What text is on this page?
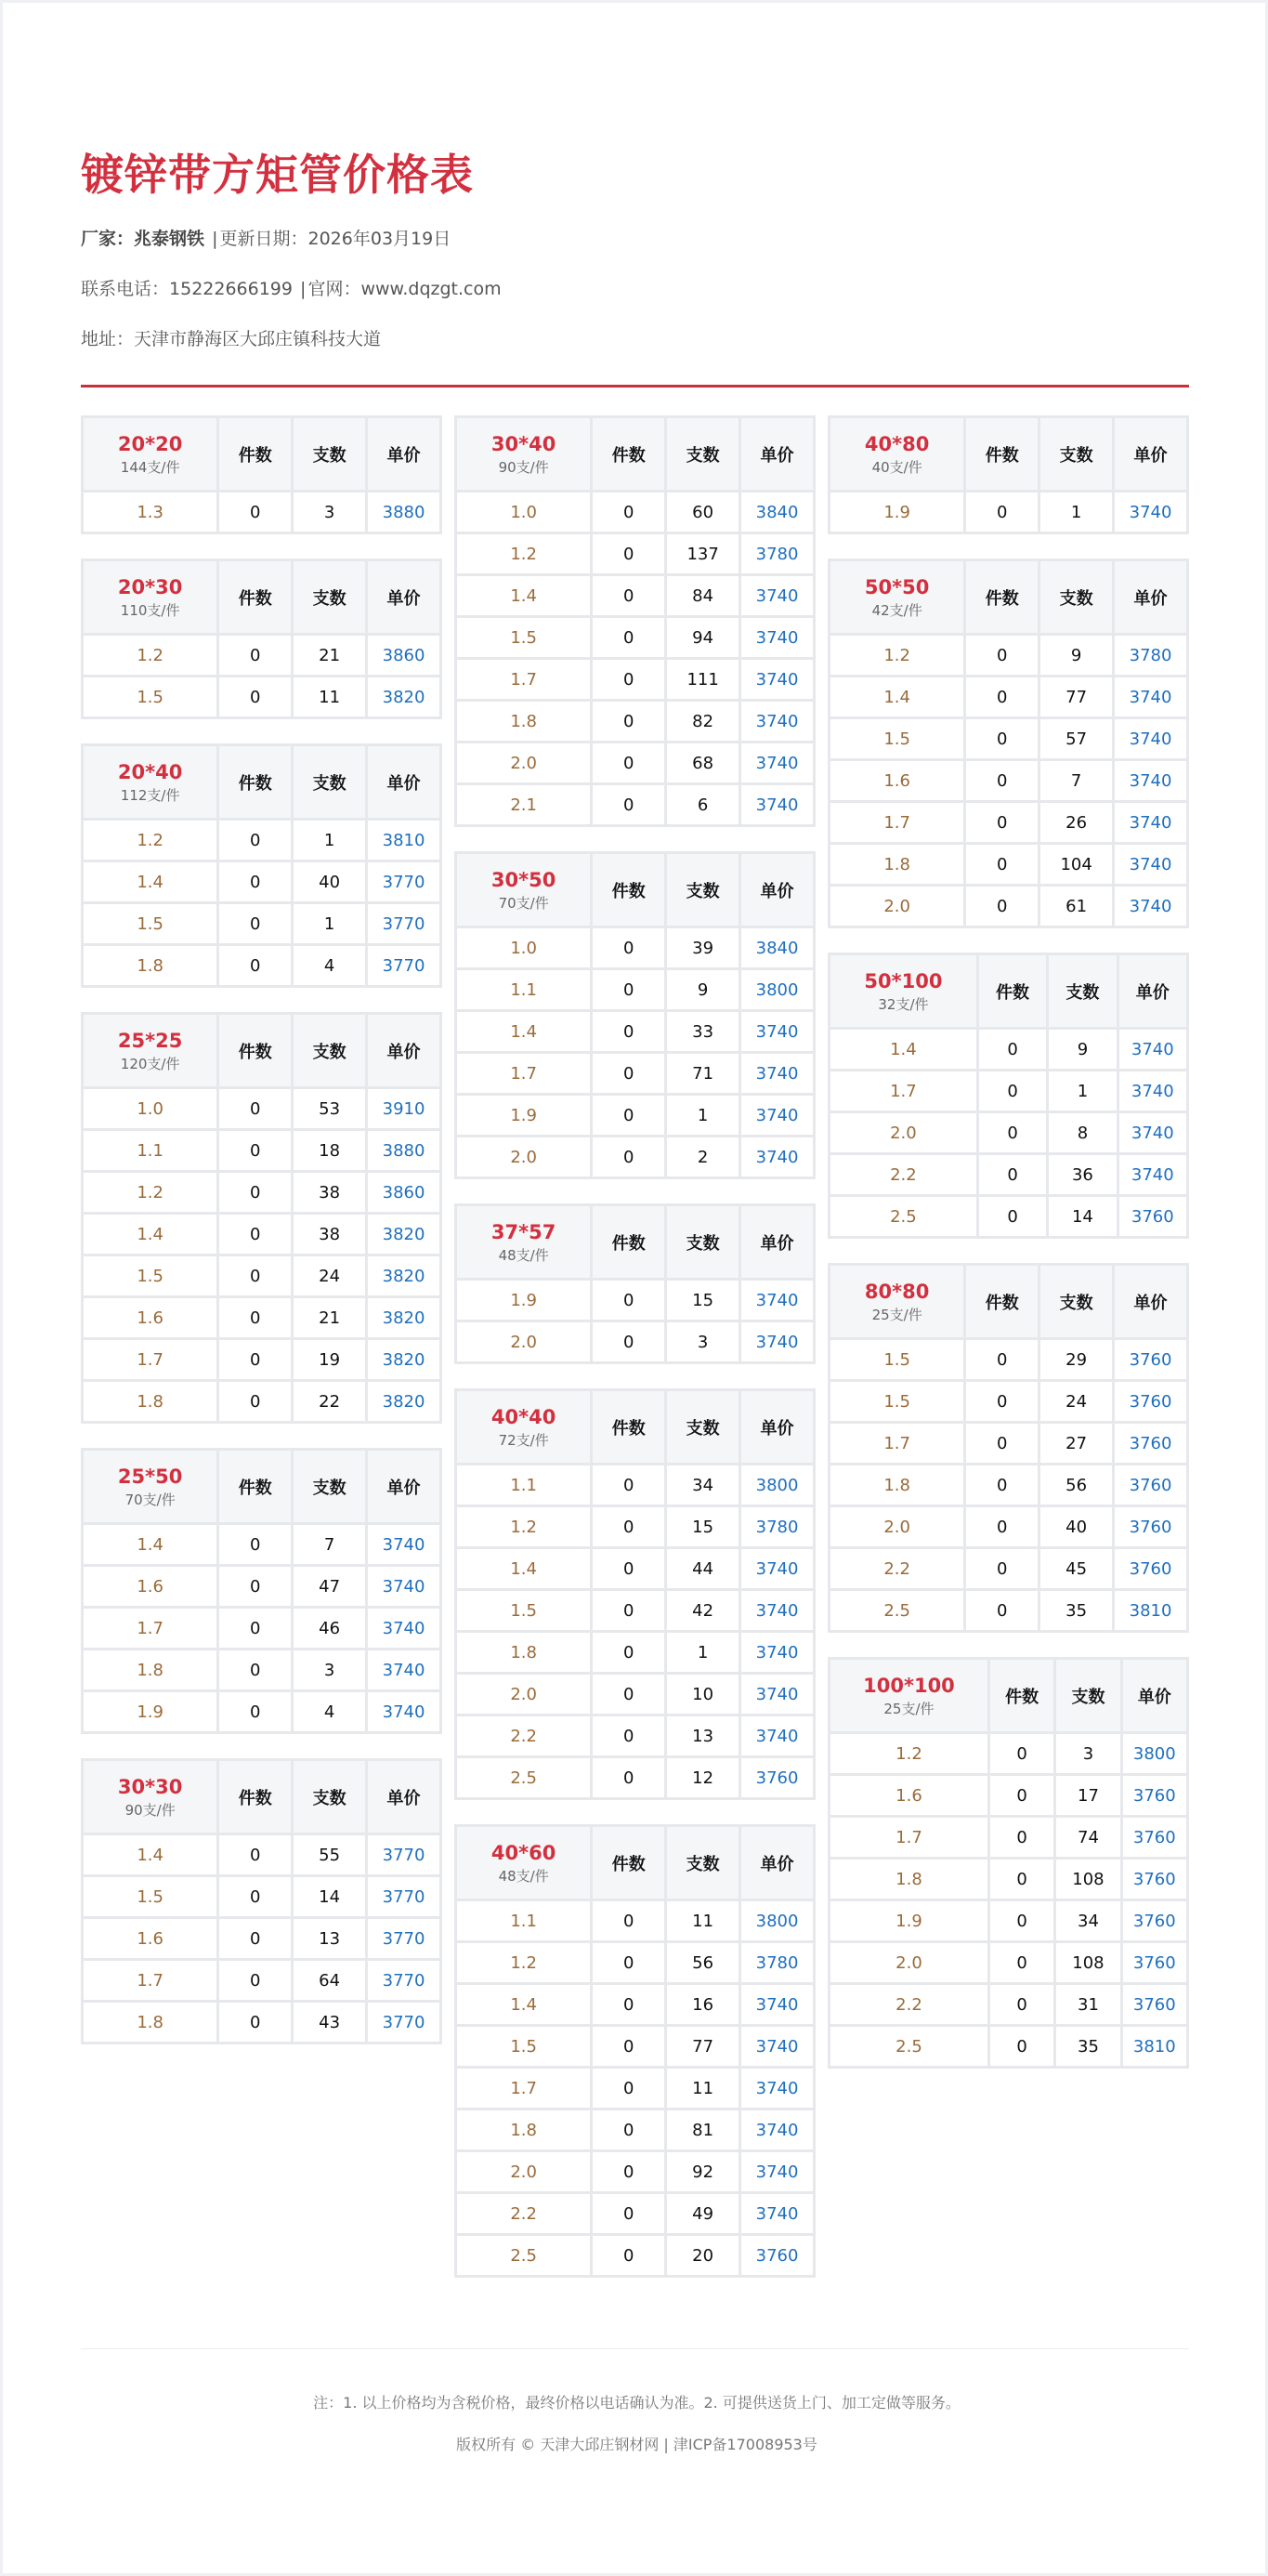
镀锌带方矩管价格表

厂家：兆泰钢铁 | 更新日期：2026年03月19日

联系电话：15222666199 | 官网：www.dqzgt.com

地址：天津市静海区大邱庄镇科技大道

20*20
144支/件	件数	支数	单价
1.3	0	3	3880
20*30
110支/件	件数	支数	单价
1.2	0	21	3860
1.5	0	11	3820
20*40
112支/件	件数	支数	单价
1.2	0	1	3810
1.4	0	40	3770
1.5	0	1	3770
1.8	0	4	3770
25*25
120支/件	件数	支数	单价
1.0	0	53	3910
1.1	0	18	3880
1.2	0	38	3860
1.4	0	38	3820
1.5	0	24	3820
1.6	0	21	3820
1.7	0	19	3820
1.8	0	22	3820
25*50
70支/件	件数	支数	单价
1.4	0	7	3740
1.6	0	47	3740
1.7	0	46	3740
1.8	0	3	3740
1.9	0	4	3740
30*30
90支/件	件数	支数	单价
1.4	0	55	3770
1.5	0	14	3770
1.6	0	13	3770
1.7	0	64	3770
1.8	0	43	3770
30*40
90支/件	件数	支数	单价
1.0	0	60	3840
1.2	0	137	3780
1.4	0	84	3740
1.5	0	94	3740
1.7	0	111	3740
1.8	0	82	3740
2.0	0	68	3740
2.1	0	6	3740
30*50
70支/件	件数	支数	单价
1.0	0	39	3840
1.1	0	9	3800
1.4	0	33	3740
1.7	0	71	3740
1.9	0	1	3740
2.0	0	2	3740
37*57
48支/件	件数	支数	单价
1.9	0	15	3740
2.0	0	3	3740
40*40
72支/件	件数	支数	单价
1.1	0	34	3800
1.2	0	15	3780
1.4	0	44	3740
1.5	0	42	3740
1.8	0	1	3740
2.0	0	10	3740
2.2	0	13	3740
2.5	0	12	3760
40*60
48支/件	件数	支数	单价
1.1	0	11	3800
1.2	0	56	3780
1.4	0	16	3740
1.5	0	77	3740
1.7	0	11	3740
1.8	0	81	3740
2.0	0	92	3740
2.2	0	49	3740
2.5	0	20	3760
40*80
40支/件	件数	支数	单价
1.9	0	1	3740
50*50
42支/件	件数	支数	单价
1.2	0	9	3780
1.4	0	77	3740
1.5	0	57	3740
1.6	0	7	3740
1.7	0	26	3740
1.8	0	104	3740
2.0	0	61	3740
50*100
32支/件	件数	支数	单价
1.4	0	9	3740
1.7	0	1	3740
2.0	0	8	3740
2.2	0	36	3740
2.5	0	14	3760
80*80
25支/件	件数	支数	单价
1.5	0	29	3760
1.5	0	24	3760
1.7	0	27	3760
1.8	0	56	3760
2.0	0	40	3760
2.2	0	45	3760
2.5	0	35	3810
100*100
25支/件	件数	支数	单价
1.2	0	3	3800
1.6	0	17	3760
1.7	0	74	3760
1.8	0	108	3760
1.9	0	34	3760
2.0	0	108	3760
2.2	0	31	3760
2.5	0	35	3810

注：1. 以上价格均为含税价格，最终价格以电话确认为准。2. 可提供送货上门、加工定做等服务。

版权所有 © 天津大邱庄钢材网 | 津ICP备17008953号
